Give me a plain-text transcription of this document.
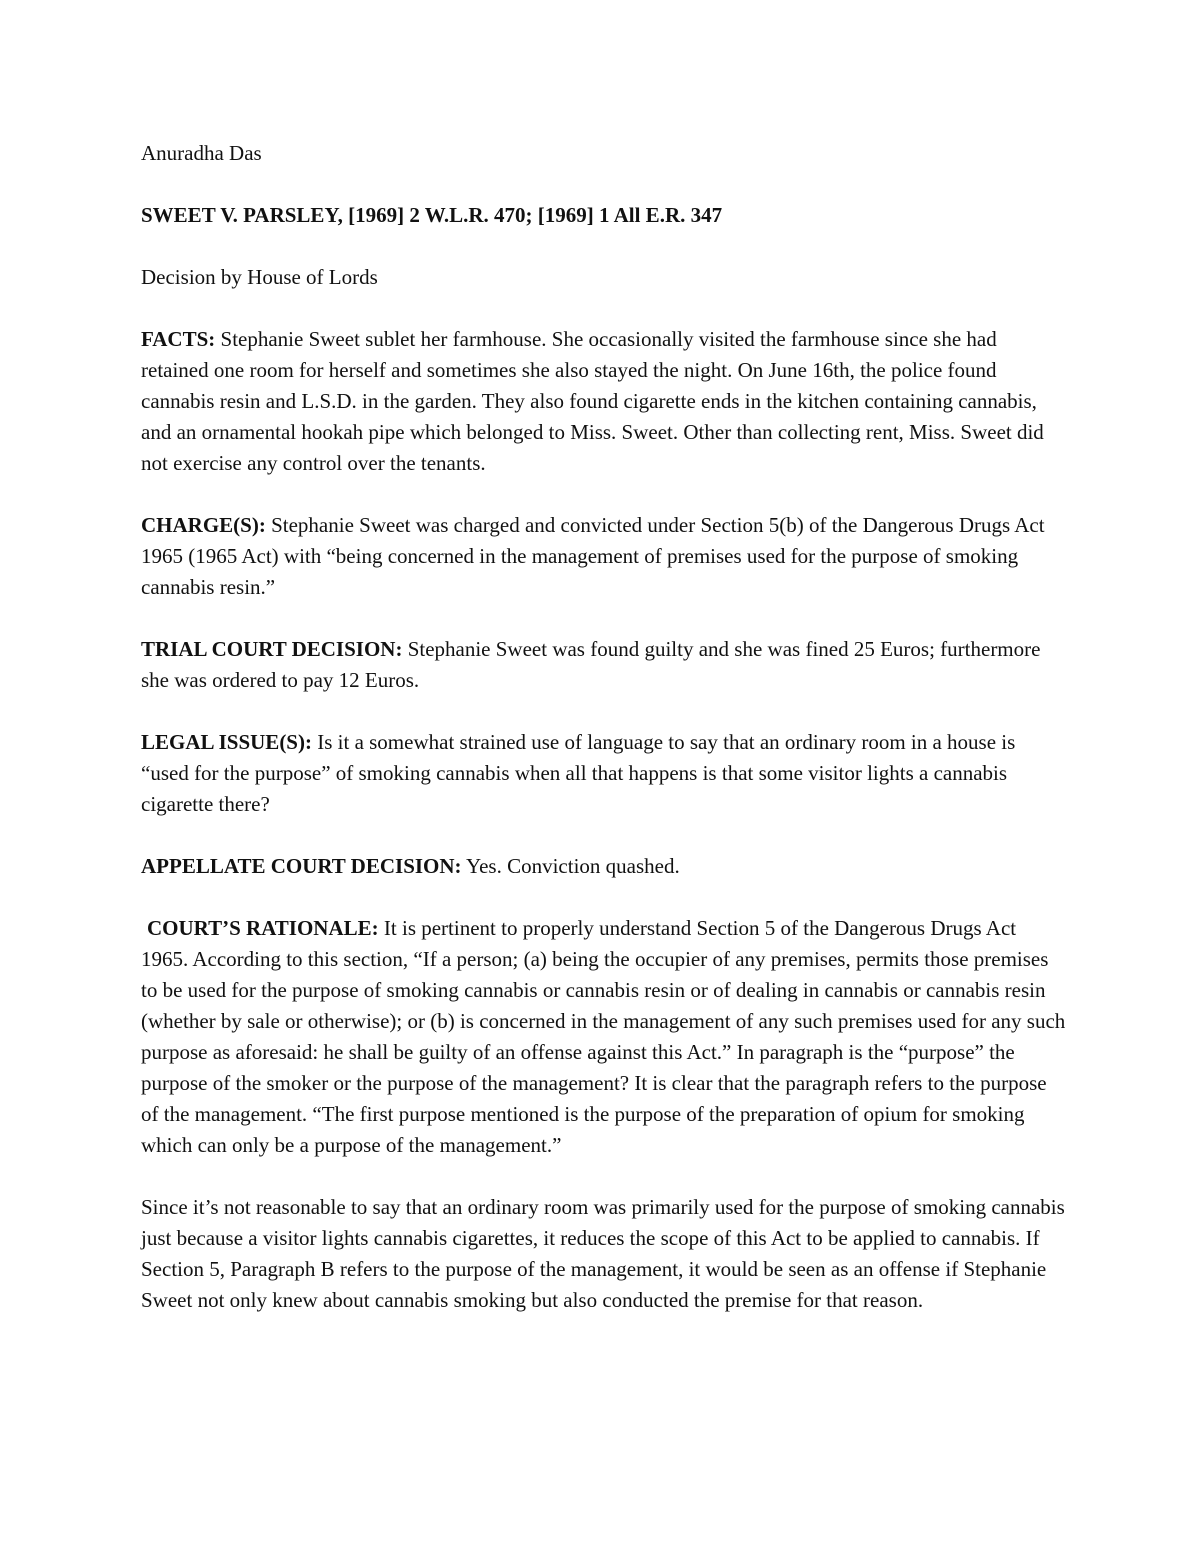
Anuradha Das

SWEET V. PARSLEY, [1969] 2 W.L.R. 470; [1969] 1 All E.R. 347

Decision by House of Lords

FACTS: Stephanie Sweet sublet her farmhouse. She occasionally visited the farmhouse since she had retained one room for herself and sometimes she also stayed the night. On June 16th, the police found cannabis resin and L.S.D. in the garden. They also found cigarette ends in the kitchen containing cannabis, and an ornamental hookah pipe which belonged to Miss. Sweet. Other than collecting rent, Miss. Sweet did not exercise any control over the tenants.

CHARGE(S): Stephanie Sweet was charged and convicted under Section 5(b) of the Dangerous Drugs Act 1965 (1965 Act) with “being concerned in the management of premises used for the purpose of smoking cannabis resin.”

TRIAL COURT DECISION: Stephanie Sweet was found guilty and she was fined 25 Euros; furthermore she was ordered to pay 12 Euros.

LEGAL ISSUE(S): Is it a somewhat strained use of language to say that an ordinary room in a house is “used for the purpose” of smoking cannabis when all that happens is that some visitor lights a cannabis cigarette there?

APPELLATE COURT DECISION: Yes. Conviction quashed.

COURT’S RATIONALE: It is pertinent to properly understand Section 5 of the Dangerous Drugs Act 1965. According to this section, “If a person; (a) being the occupier of any premises, permits those premises to be used for the purpose of smoking cannabis or cannabis resin or of dealing in cannabis or cannabis resin (whether by sale or otherwise); or (b) is concerned in the management of any such premises used for any such purpose as aforesaid: he shall be guilty of an offense against this Act.” In paragraph is the “purpose” the purpose of the smoker or the purpose of the management? It is clear that the paragraph refers to the purpose of the management. “The first purpose mentioned is the purpose of the preparation of opium for smoking which can only be a purpose of the management.”

Since it’s not reasonable to say that an ordinary room was primarily used for the purpose of smoking cannabis just because a visitor lights cannabis cigarettes, it reduces the scope of this Act to be applied to cannabis. If Section 5, Paragraph B refers to the purpose of the management, it would be seen as an offense if Stephanie Sweet not only knew about cannabis smoking but also conducted the premise for that reason.
